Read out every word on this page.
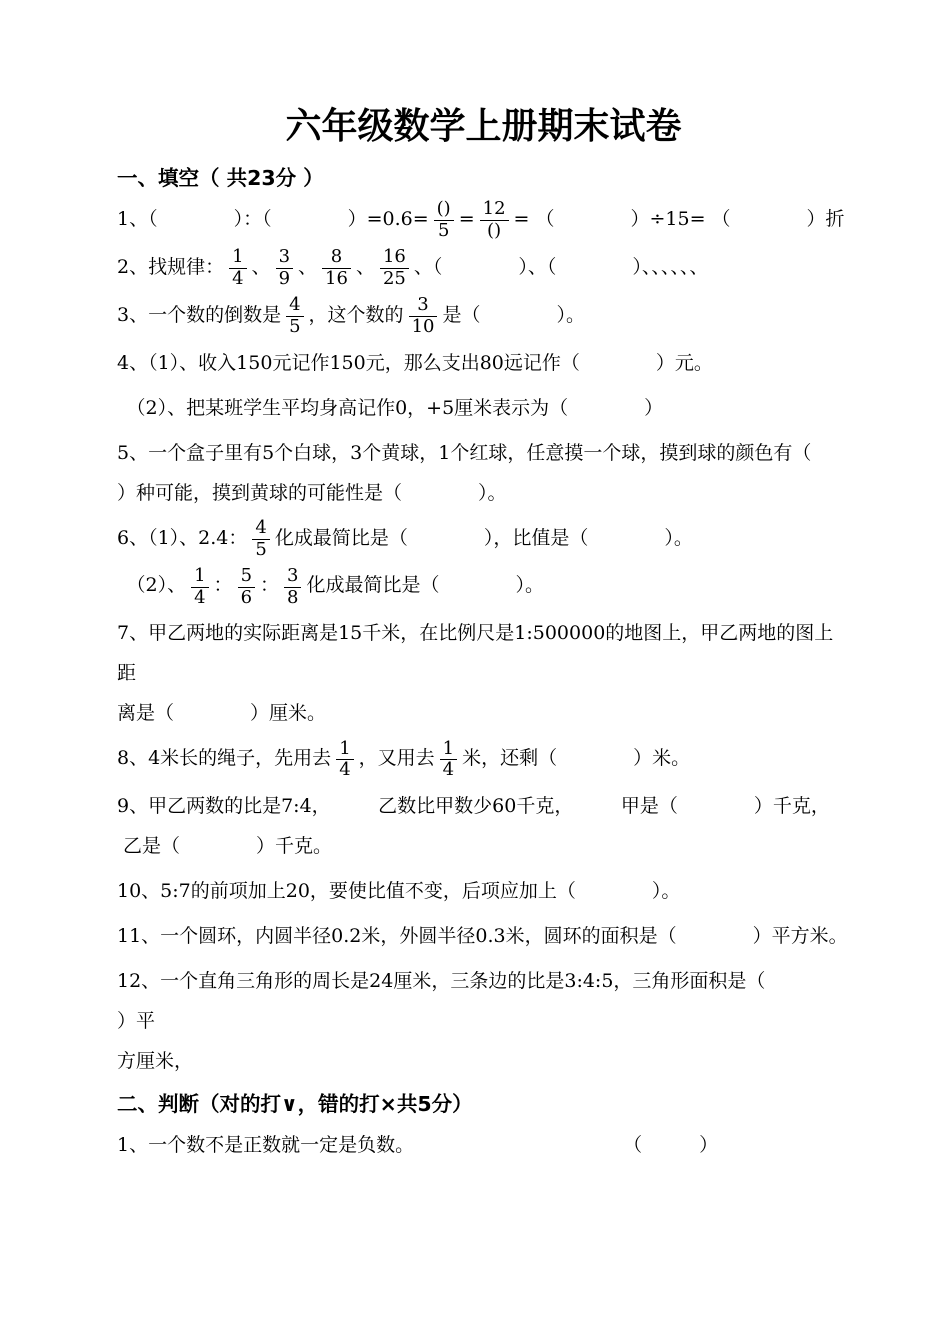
六年级数学上册期末试卷
一、填空（ 共23分 ）

1、（　　　　）：（　　　　）$=0.6= \frac{()}{5} = \frac{12}{()}$ = （　　　　）÷15= （　　　　）折

2、找规律： $\frac{1}{4}$ 、 $\frac{3}{9}$ 、 $\frac{8}{16}$ 、 $\frac{16}{25}$ 、（　　　　）、（　　　　）、、、、、、

3、一个数的倒数是 $\frac{4}{5}$ ，这个数的 $\frac{3}{10}$ 是（　　　　）。

4、（1）、收入150元记作150元，那么支出80远记作（　　　　）元。

　（2）、把某班学生平均身高记作0，+5厘米表示为（　　　　）

5、一个盒子里有5个白球，3个黄球，1个红球，任意摸一个球，摸到球的颜色有（
）种可能，摸到黄球的可能性是（　　　　）。

6、（1）、2.4： $\frac{4}{5}$ 化成最简比是（　　　　），比值是（　　　　）。

　（2）、 $\frac{1}{4}$ ： $\frac{5}{6}$ ： $\frac{3}{8}$ 化成最简比是（　　　　）。

7、甲乙两地的实际距离是15千米，在比例尺是1:500000的地图上，甲乙两地的图上距
离是（　　　　）厘米。

8、4米长的绳子，先用去 $\frac{1}{4}$ ，又用去 $\frac{1}{4}$ 米，还剩（　　　　）米。

9、甲乙两数的比是7:4，　　　乙数比甲数少60千克，　　　甲是（　　　　）千克，
乙是（　　　　）千克。

10、5:7的前项加上20，要使比值不变，后项应加上（　　　　）。

11、一个圆环，内圆半径0.2米，外圆半径0.3米，圆环的面积是（　　　　）平方米。

12、一个直角三角形的周长是24厘米，三条边的比是3:4:5，三角形面积是（　　　　）平
方厘米，

二、判断（对的打∨，错的打×共5分）

1、一个数不是正数就一定是负数。　　　　　　　　　　　　（　　　）
